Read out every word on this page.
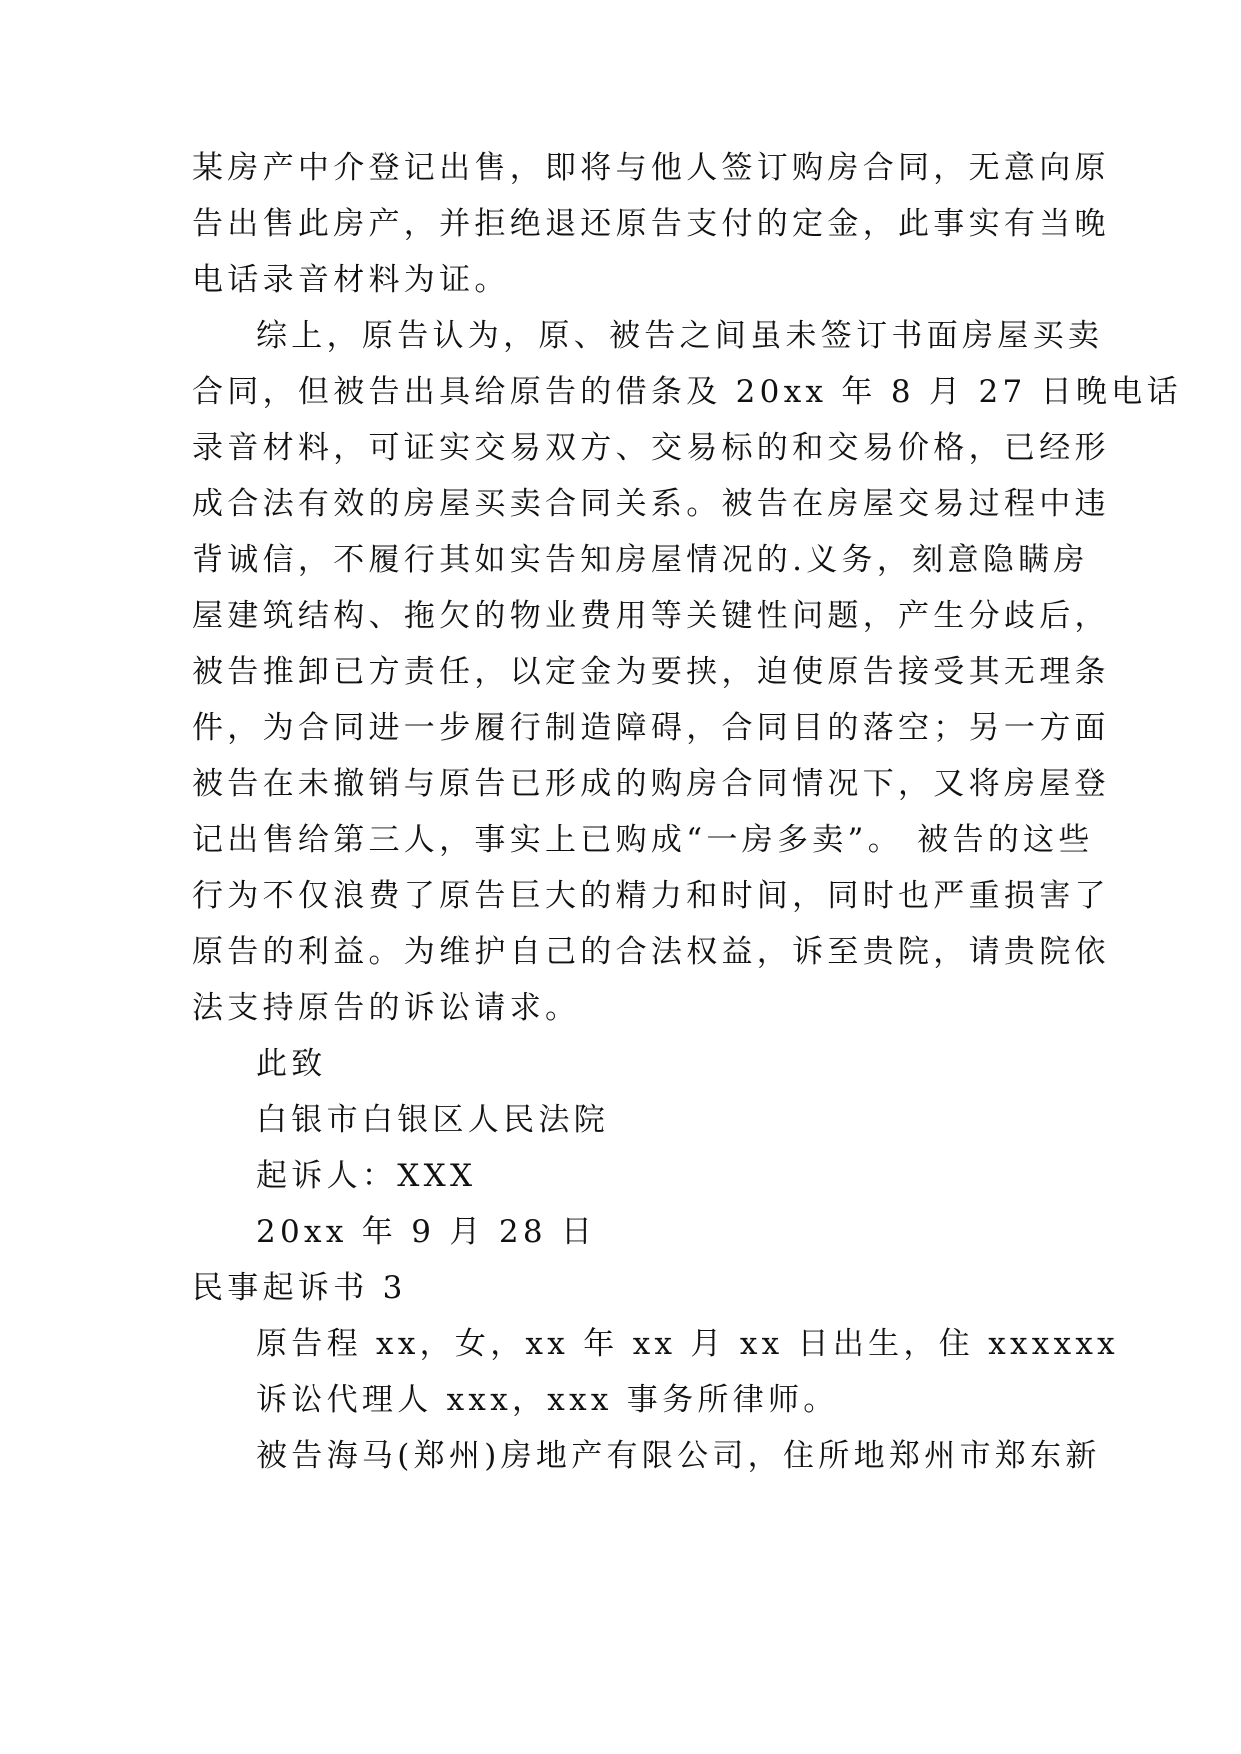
某房产中介登记出售，即将与他人签订购房合同，无意向原
告出售此房产，并拒绝退还原告支付的定金，此事实有当晚
电话录音材料为证。
综上，原告认为，原、被告之间虽未签订书面房屋买卖
合同，但被告出具给原告的借条及 20xx 年 8 月 27 日晚电话
录音材料，可证实交易双方、交易标的和交易价格，已经形
成合法有效的房屋买卖合同关系。被告在房屋交易过程中违
背诚信，不履行其如实告知房屋情况的.义务，刻意隐瞒房
屋建筑结构、拖欠的物业费用等关键性问题，产生分歧后，
被告推卸已方责任，以定金为要挟，迫使原告接受其无理条
件，为合同进一步履行制造障碍，合同目的落空；另一方面
被告在未撤销与原告已形成的购房合同情况下，又将房屋登
记出售给第三人，事实上已购成“一房多卖”。 被告的这些
行为不仅浪费了原告巨大的精力和时间，同时也严重损害了
原告的利益。为维护自己的合法权益，诉至贵院，请贵院依
法支持原告的诉讼请求。
此致
白银市白银区人民法院
起诉人：XXX
20xx 年 9 月 28 日
民事起诉书 3
原告程 xx，女，xx 年 xx 月 xx 日出生，住 xxxxxx
诉讼代理人 xxx，xxx 事务所律师。
被告海马(郑州)房地产有限公司，住所地郑州市郑东新
